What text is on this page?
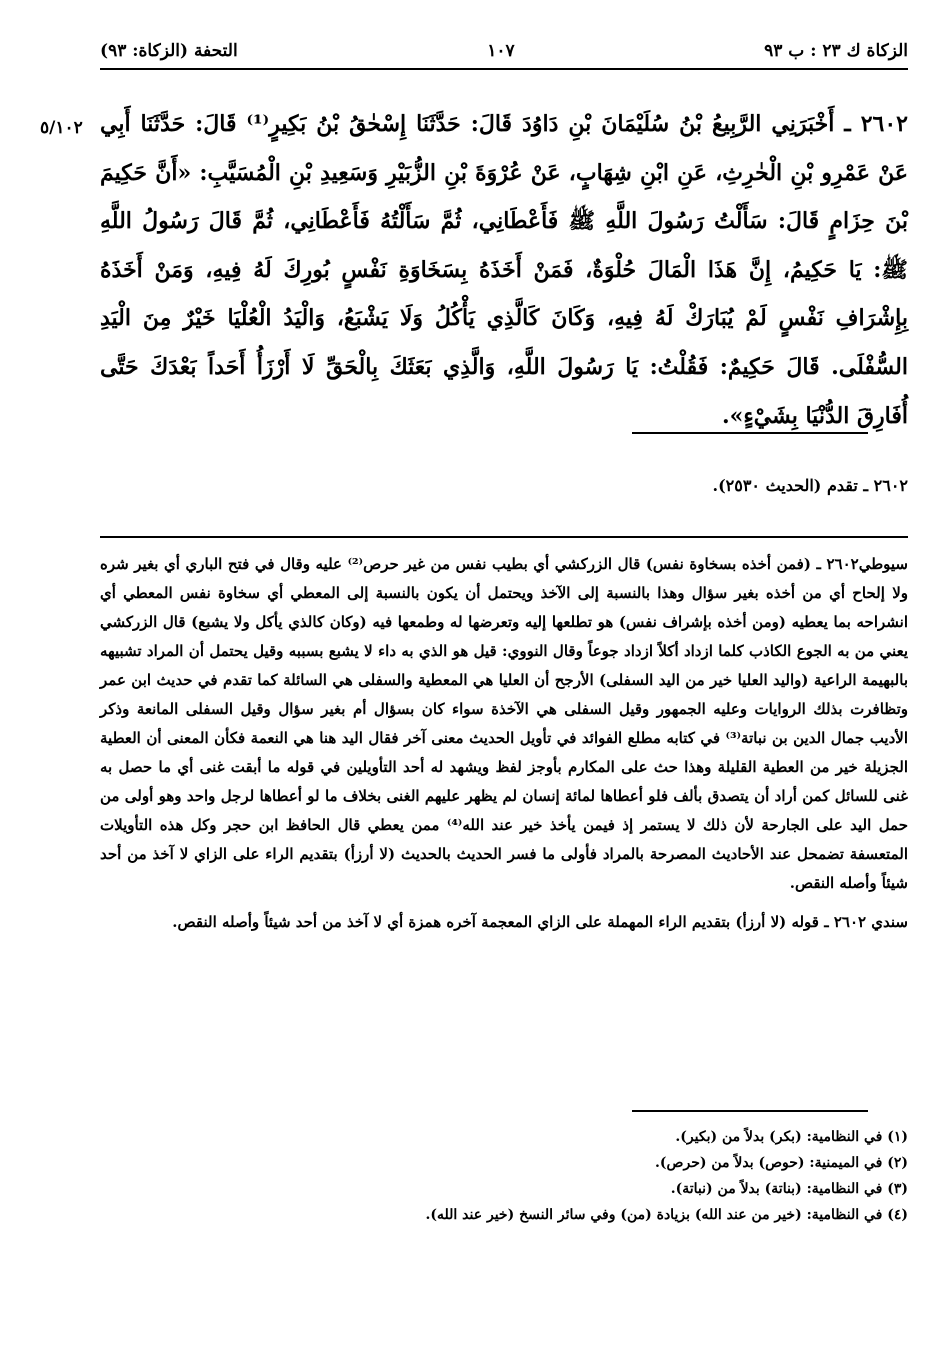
الزكاة ك ٢٣ : ب ٩٣
١٠٧
التحفة (الزكاة: ٩٣)
٥/١٠٢ ٢٦٠٢ ـ أَخْبَرَنِي الرَّبِيعُ بْنُ سُلَيْمَانَ بْنِ دَاوُدَ قَالَ: حَدَّثَنَا إِسْحٰقُ بْنُ بَكِيرٍ⁽¹⁾ قَالَ: حَدَّثَنَا أَبِي عَنْ عَمْرِو بْنِ الْحٰرِثِ، عَنِ ابْنِ شِهَابٍ، عَنْ عُرْوَةَ بْنِ الزُّبَيْرِ وَسَعِيدِ بْنِ الْمُسَيَّبِ: «أَنَّ حَكِيمَ بْنَ حِزَامٍ قَالَ: سَأَلْتُ رَسُولَ اللَّهِ ﷺ فَأَعْطَانِي، ثُمَّ سَأَلْتُهُ فَأَعْطَانِي، ثُمَّ قَالَ رَسُولُ اللَّهِ ﷺ: يَا حَكِيمُ، إِنَّ هَذَا الْمَالَ حُلْوَةٌ، فَمَنْ أَخَذَهُ بِسَخَاوَةِ نَفْسٍ بُورِكَ لَهُ فِيهِ، وَمَنْ أَخَذَهُ بِإِشْرَافِ نَفْسٍ لَمْ يُبَارَكْ لَهُ فِيهِ، وَكَانَ كَالَّذِي يَأْكُلُ وَلَا يَشْبَعُ، وَالْيَدُ الْعُلْيَا خَيْرٌ مِنَ الْيَدِ السُّفْلَى. قَالَ حَكِيمٌ: فَقُلْتُ: يَا رَسُولَ اللَّهِ، وَالَّذِي بَعَثَكَ بِالْحَقِّ لَا أَرْزَأُ أَحَداً بَعْدَكَ حَتَّى أُفَارِقَ الدُّنْيَا بِشَيْءٍ».
٢٦٠٢ ـ تقدم (الحديث ٢٥٣٠).

سيوطي٢٦٠٢ ـ (فمن أخذه بسخاوة نفس) قال الزركشي أي بطيب نفس من غير حرص⁽²⁾ عليه وقال في فتح الباري أي بغير شره ولا إلحاح أي من أخذه بغير سؤال وهذا بالنسبة إلى الآخذ ويحتمل أن يكون بالنسبة إلى المعطي أي سخاوة نفس المعطي أي انشراحه بما يعطيه (ومن أخذه بإشراف نفس) هو تطلعها إليه وتعرضها له وطمعها فيه (وكان كالذي يأكل ولا يشبع) قال الزركشي يعني من به الجوع الكاذب كلما ازداد أكلاً ازداد جوعاً وقال النووي: قيل هو الذي به داء لا يشبع بسببه وقيل يحتمل أن المراد تشبيهه بالبهيمة الراعية (واليد العليا خير من اليد السفلى) الأرجح أن العليا هي المعطية والسفلى هي السائلة كما تقدم في حديث ابن عمر وتظافرت بذلك الروايات وعليه الجمهور وقيل السفلى هي الآخذة سواء كان بسؤال أم بغير سؤال وقيل السفلى المانعة وذكر الأديب جمال الدين بن نباتة⁽³⁾ في كتابه مطلع الفوائد في تأويل الحديث معنى آخر فقال اليد هنا هي النعمة فكأن المعنى أن العطية الجزيلة خير من العطية القليلة وهذا حث على المكارم بأوجز لفظ ويشهد له أحد التأويلين في قوله ما أبقت غنى أي ما حصل به غنى للسائل كمن أراد أن يتصدق بألف فلو أعطاها لمائة إنسان لم يظهر عليهم الغنى بخلاف ما لو أعطاها لرجل واحد وهو أولى من حمل اليد على الجارحة لأن ذلك لا يستمر إذ فيمن يأخذ خير عند الله⁽⁴⁾ ممن يعطي قال الحافظ ابن حجر وكل هذه التأويلات المتعسفة تضمحل عند الأحاديث المصرحة بالمراد فأولى ما فسر الحديث بالحديث (لا أرزأ) بتقديم الراء على الزاي لا آخذ من أحد شيئاً وأصله النقص.

سندي ٢٦٠٢ ـ قوله (لا أرزأ) بتقديم الراء المهملة على الزاي المعجمة آخره همزة أي لا آخذ من أحد شيئاً وأصله النقص.

(١) في النظامية: (بكر) بدلاً من (بكير).
(٢) في الميمنية: (حوص) بدلاً من (حرص).
(٣) في النظامية: (بناتة) بدلاً من (نباتة).
(٤) في النظامية: (خير من عند الله) بزيادة (من) وفي سائر النسخ (خير عند الله).
